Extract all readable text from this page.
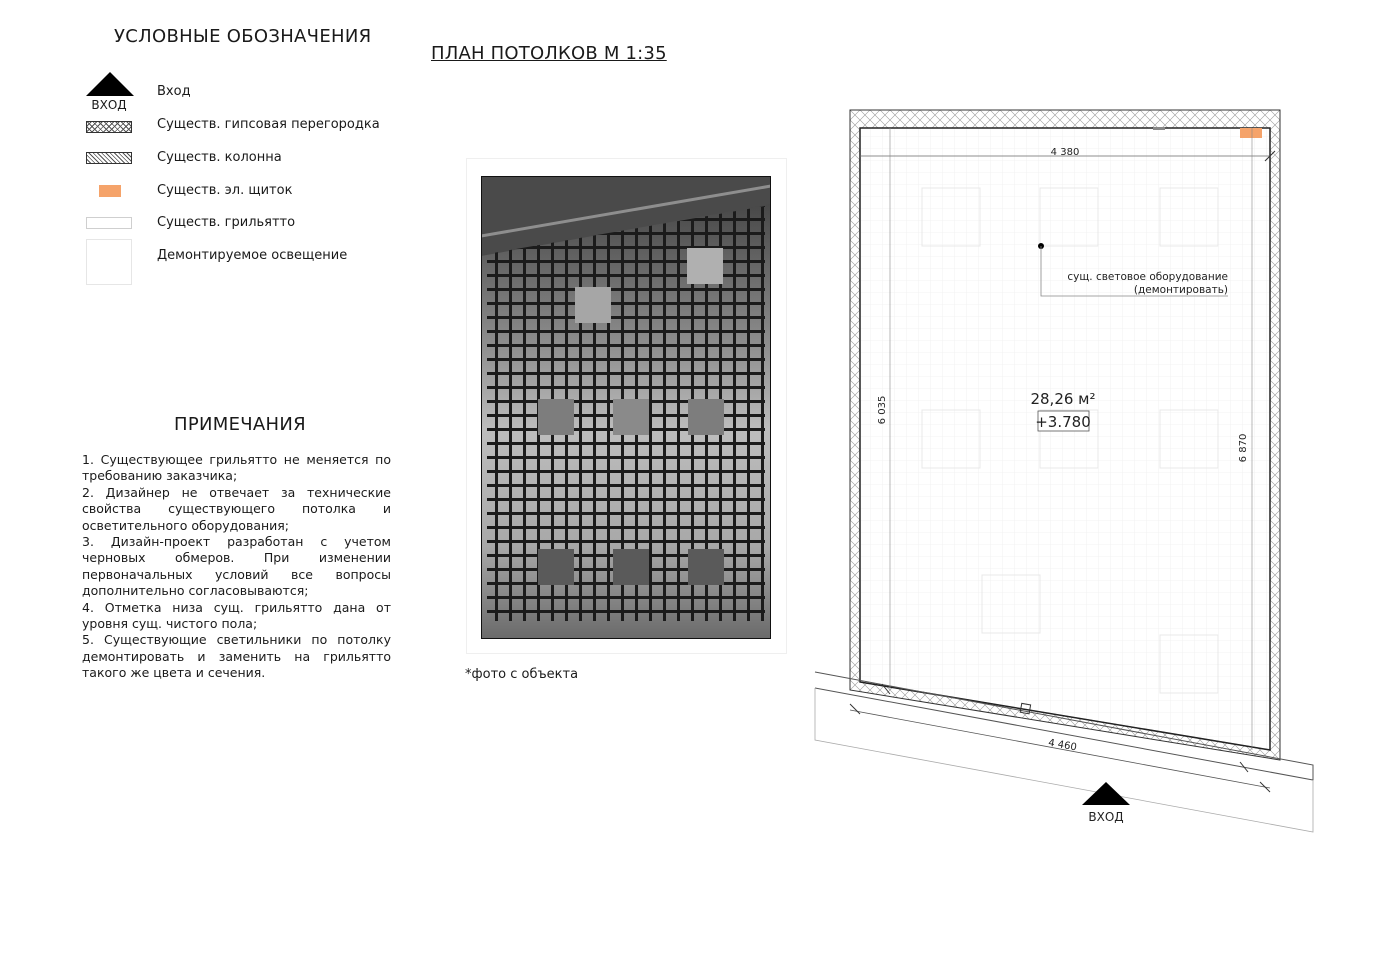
УСЛОВНЫЕ ОБОЗНАЧЕНИЯ
ВХОД
Вход
Существ. гипсовая перегородка
Существ. колонна
Существ. эл. щиток
Существ. грильятто
Демонтируемое освещение
ПРИМЕЧАНИЯ

1. Существующее грильятто не меняется по требованию заказчика;

2. Дизайнер не отвечает за технические свойства существующего потолка и осветительного оборудования;

3. Дизайн-проект разработан с учетом черновых обмеров. При изменении первоначальных условий все вопросы дополнительно согласовываются;

4. Отметка низа сущ. грильятто дана от уровня сущ. чистого пола;

5. Существующие светильники по потолку демонтировать и заменить на грильятто такого же цвета и сечения.

ПЛАН ПОТОЛКОВ М 1:35
*фото с объекта
4 380
6 035
6 870
4 460
сущ. световое оборудование
(демонтировать)
28,26 м²
+3.780
ВХОД
